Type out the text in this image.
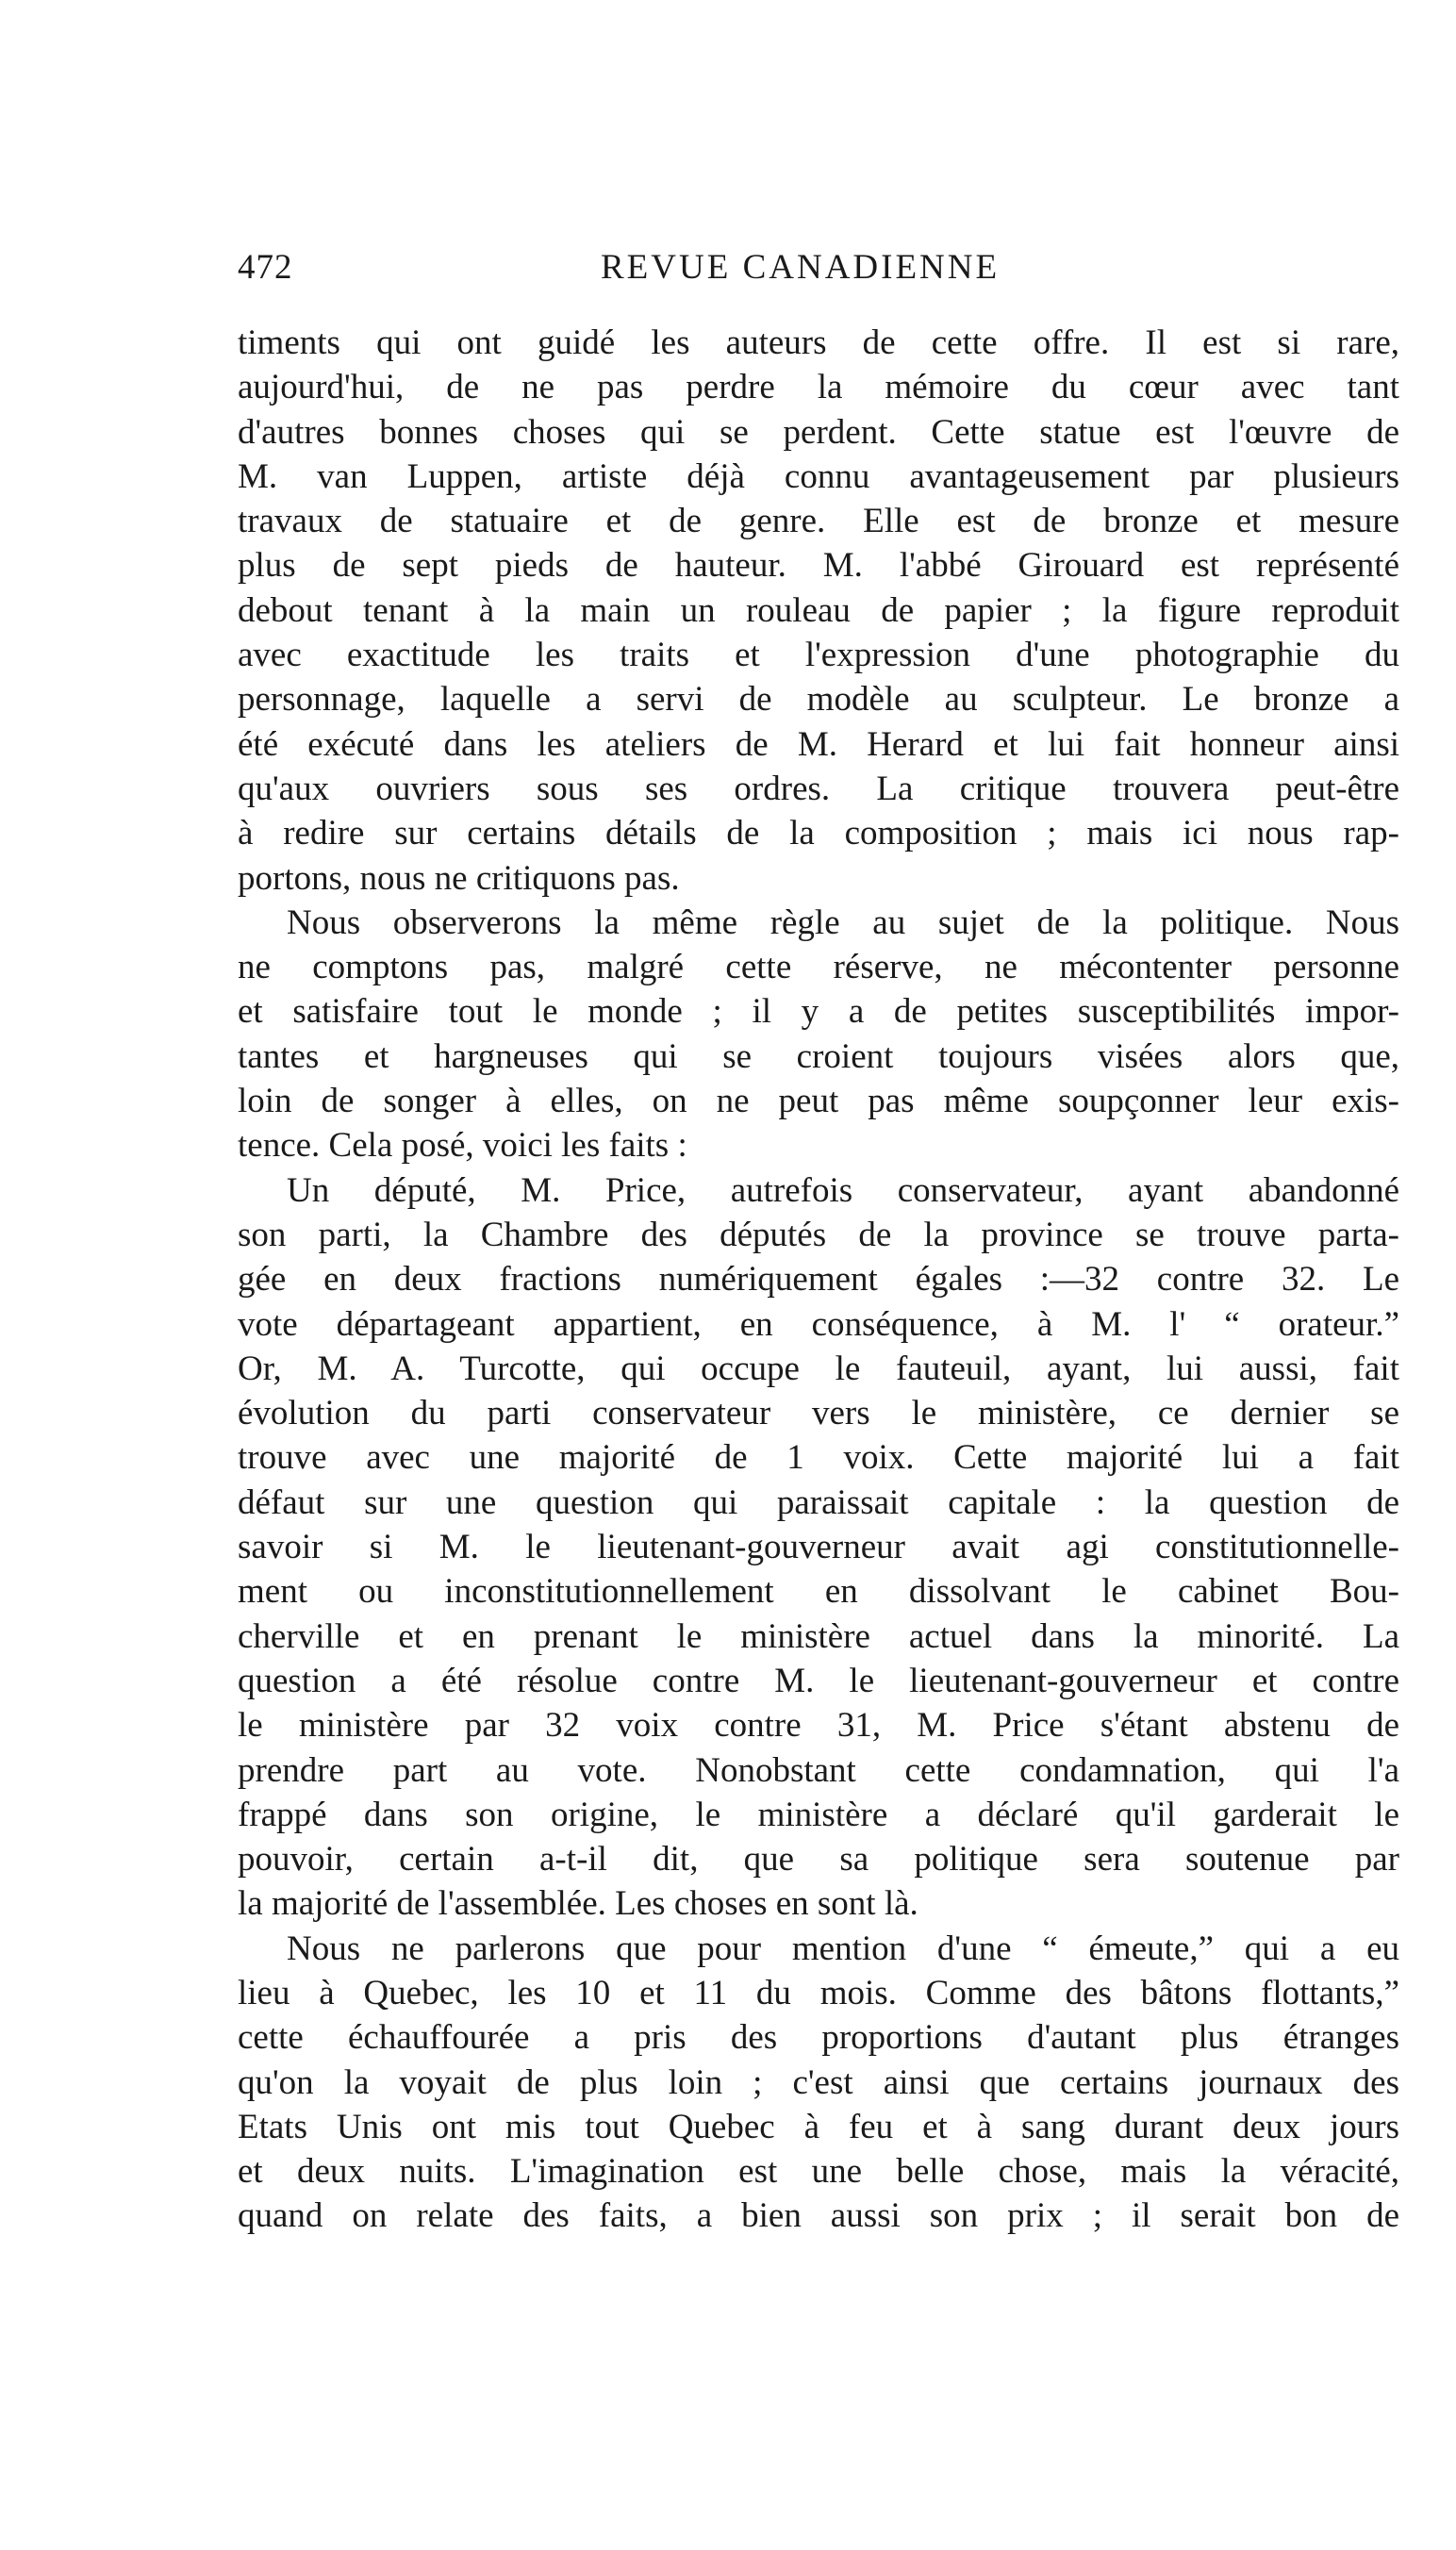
472	REVUE CANADIENNE
timents qui ont guidé les auteurs de cette offre. Il est si rare,
aujourd'hui, de ne pas perdre la mémoire du cœur avec tant
d'autres bonnes choses qui se perdent. Cette statue est l'œuvre de
M. van Luppen, artiste déjà connu avantageusement par plusieurs
travaux de statuaire et de genre. Elle est de bronze et mesure
plus de sept pieds de hauteur. M. l'abbé Girouard est représenté
debout tenant à la main un rouleau de papier ; la figure reproduit
avec exactitude les traits et l'expression d'une photographie du
personnage, laquelle a servi de modèle au sculpteur. Le bronze a
été exécuté dans les ateliers de M. Herard et lui fait honneur ainsi
qu'aux ouvriers sous ses ordres. La critique trouvera peut-être
à redire sur certains détails de la composition ; mais ici nous rap-
portons, nous ne critiquons pas.
Nous observerons la même règle au sujet de la politique. Nous
ne comptons pas, malgré cette réserve, ne mécontenter personne
et satisfaire tout le monde ; il y a de petites susceptibilités impor-
tantes et hargneuses qui se croient toujours visées alors que,
loin de songer à elles, on ne peut pas même soupçonner leur exis-
tence. Cela posé, voici les faits :
Un député, M. Price, autrefois conservateur, ayant abandonné
son parti, la Chambre des députés de la province se trouve parta-
gée en deux fractions numériquement égales :—32 contre 32. Le
vote départageant appartient, en conséquence, à M. l' “ orateur.”
Or, M. A. Turcotte, qui occupe le fauteuil, ayant, lui aussi, fait
évolution du parti conservateur vers le ministère, ce dernier se
trouve avec une majorité de 1 voix. Cette majorité lui a fait
défaut sur une question qui paraissait capitale : la question de
savoir si M. le lieutenant-gouverneur avait agi constitutionnelle-
ment ou inconstitutionnellement en dissolvant le cabinet Bou-
cherville et en prenant le ministère actuel dans la minorité. La
question a été résolue contre M. le lieutenant-gouverneur et contre
le ministère par 32 voix contre 31, M. Price s'étant abstenu de
prendre part au vote. Nonobstant cette condamnation, qui l'a
frappé dans son origine, le ministère a déclaré qu'il garderait le
pouvoir, certain a-t-il dit, que sa politique sera soutenue par
la majorité de l'assemblée. Les choses en sont là.
Nous ne parlerons que pour mention d'une “ émeute,” qui a eu
lieu à Quebec, les 10 et 11 du mois. Comme des bâtons flottants,”
cette échauffourée a pris des proportions d'autant plus étranges
qu'on la voyait de plus loin ; c'est ainsi que certains journaux des
Etats Unis ont mis tout Quebec à feu et à sang durant deux jours
et deux nuits. L'imagination est une belle chose, mais la véracité,
quand on relate des faits, a bien aussi son prix ; il serait bon de
